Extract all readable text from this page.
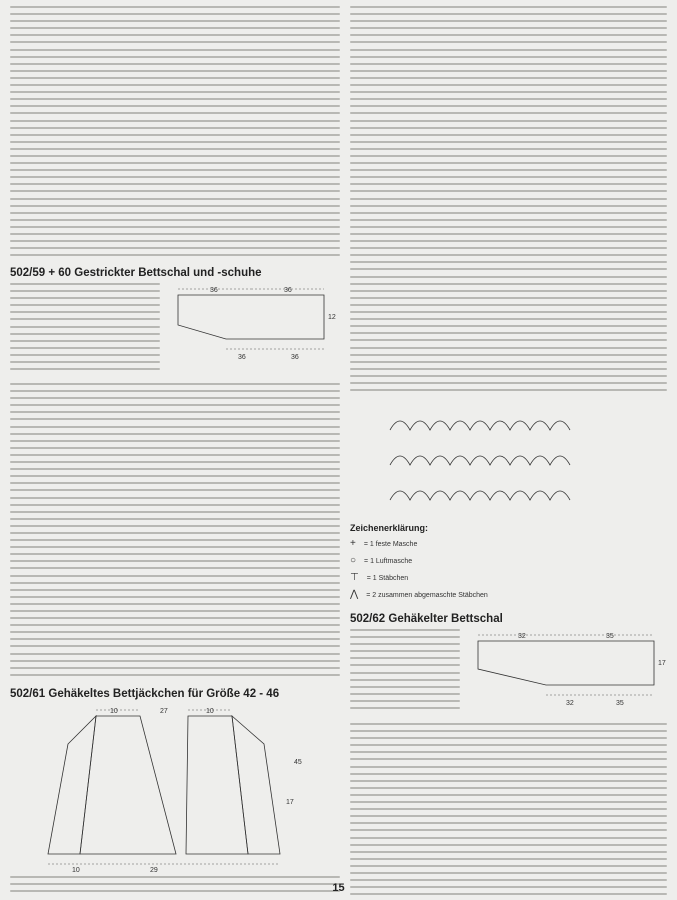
502/59 + 60 Gestrickter Bettschal und -schuhe
36	36
36	36
12
502/61 Gehäkeltes Bettjäckchen für Größe 42 - 46
10	27	10
29
10
17
45
Zeichenerklärung:
+ = 1 feste Masche
○ = 1 Luftmasche
⊤ = 1 Stäbchen
⋀ = 2 zusammen abgemaschte Stäbchen
502/62 Gehäkelter Bettschal
32	35
17
32	35
15
